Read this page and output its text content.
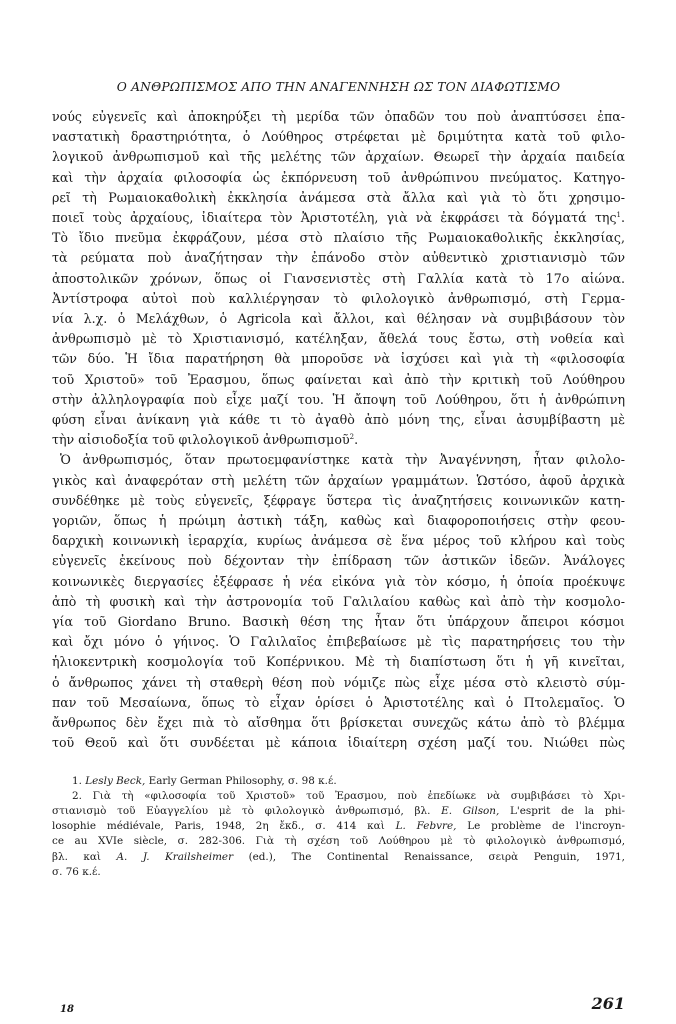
Ο ΑΝΘΡΩΠΙΣΜΟΣ ΑΠΟ ΤΗΝ ΑΝΑΓΕΝΝΗΣΗ ΩΣ ΤΟΝ ΔΙΑΦΩΤΙΣΜΟ

νούς εὐγενεῖς καὶ ἀποκηρύξει τὴ μερίδα τῶν ὀπαδῶν του ποὺ ἀναπτύσσει ἐπα-

ναστατικὴ δραστηριότητα, ὁ Λούθηρος στρέφεται μὲ δριμύτητα κατὰ τοῦ φιλο-

λογικοῦ ἀνθρωπισμοῦ καὶ τῆς μελέτης τῶν ἀρχαίων. Θεωρεῖ τὴν ἀρχαία παιδεία

καὶ τὴν ἀρχαία φιλοσοφία ὡς ἐκπόρνευση τοῦ ἀνθρώπινου πνεύματος. Κατηγο-

ρεῖ τὴ Ρωμαιοκαθολικὴ ἐκκλησία ἀνάμεσα στὰ ἄλλα καὶ γιὰ τὸ ὅτι χρησιμο-

ποιεῖ τοὺς ἀρχαίους, ἰδιαίτερα τὸν Ἀριστοτέλη, γιὰ νὰ ἐκφράσει τὰ δόγματά της$^1$.

Τὸ ἴδιο πνεῦμα ἐκφράζουν, μέσα στὸ πλαίσιο τῆς Ρωμαιοκαθολικῆς ἐκκλησίας,

τὰ ρεύματα ποὺ ἀναζήτησαν τὴν ἐπάνοδο στὸν αὐθεντικὸ χριστιανισμὸ τῶν

ἀποστολικῶν χρόνων, ὅπως οἱ Γιανσενιστὲς στὴ Γαλλία κατὰ τὸ 17ο αἰώνα.

Ἀντίστροφα αὐτοὶ ποὺ καλλιέργησαν τὸ φιλολογικὸ ἀνθρωπισμό, στὴ Γερμα-

νία λ.χ. ὁ Μελάχθων, ὁ Agricola καὶ ἄλλοι, καὶ θέλησαν νὰ συμβιβάσουν τὸν

ἀνθρωπισμὸ μὲ τὸ Χριστιανισμό, κατέληξαν, ἄθελά τους ἔστω, στὴ νοθεία καὶ

τῶν δύο. Ἡ ἴδια παρατήρηση θὰ μποροῦσε νὰ ἰσχύσει καὶ γιὰ τὴ «φιλοσοφία

τοῦ Χριστοῦ» τοῦ Ἐρασμου, ὅπως φαίνεται καὶ ἀπὸ τὴν κριτικὴ τοῦ Λούθηρου

στὴν ἀλληλογραφία ποὺ εἶχε μαζί του. Ἡ ἄποψη τοῦ Λούθηρου, ὅτι ἡ ἀνθρώπινη

φύση εἶναι ἀνίκανη γιὰ κάθε τι τὸ ἀγαθὸ ἀπὸ μόνη της, εἶναι ἀσυμβίβαστη μὲ

τὴν αἰσιοδοξία τοῦ φιλολογικοῦ ἀνθρωπισμοῦ$^2$.

Ὁ ἀνθρωπισμός, ὅταν πρωτοεμφανίστηκε κατὰ τὴν Ἀναγέννηση, ἦταν φιλολο-

γικὸς καὶ ἀναφερόταν στὴ μελέτη τῶν ἀρχαίων γραμμάτων. Ὡστόσο, ἀφοῦ ἀρχικὰ

συνδέθηκε μὲ τοὺς εὐγενεῖς, ξέφραγε ὕστερα τὶς ἀναζητήσεις κοινωνικῶν κατη-

γοριῶν, ὅπως ἡ πρώιμη ἀστικὴ τάξη, καθὼς καὶ διαφοροποιήσεις στὴν φεου-

δαρχικὴ κοινωνικὴ ἱεραρχία, κυρίως ἀνάμεσα σὲ ἕνα μέρος τοῦ κλήρου καὶ τοὺς

εὐγενεῖς ἐκείνους ποὺ δέχονταν τὴν ἐπίδραση τῶν ἀστικῶν ἰδεῶν. Ἀνάλογες

κοινωνικὲς διεργασίες ἐξέφρασε ἡ νέα εἰκόνα γιὰ τὸν κόσμο, ἡ ὁποία προέκυψε

ἀπὸ τὴ φυσικὴ καὶ τὴν ἀστρονομία τοῦ Γαλιλαίου καθὼς καὶ ἀπὸ τὴν κοσμολο-

γία τοῦ Giordano Bruno. Βασικὴ θέση της ἦταν ὅτι ὑπάρχουν ἄπειροι κόσμοι

καὶ ὄχι μόνο ὁ γήινος. Ὁ Γαλιλαῖος ἐπιβεβαίωσε μὲ τὶς παρατηρήσεις του τὴν

ἡλιοκεντρικὴ κοσμολογία τοῦ Κοπέρνικου. Μὲ τὴ διαπίστωση ὅτι ἡ γῆ κινεῖται,

ὁ ἄνθρωπος χάνει τὴ σταθερὴ θέση ποὺ νόμιζε πὼς εἶχε μέσα στὸ κλειστὸ σύμ-

παν τοῦ Μεσαίωνα, ὅπως τὸ εἶχαν ὁρίσει ὁ Ἀριστοτέλης καὶ ὁ Πτολεμαῖος. Ὁ

ἄνθρωπος δὲν ἔχει πιὰ τὸ αἴσθημα ὅτι βρίσκεται συνεχῶς κάτω ἀπὸ τὸ βλέμμα

τοῦ Θεοῦ καὶ ὅτι συνδέεται μὲ κάποια ἰδιαίτερη σχέση μαζί του. Νιώθει πὼς

1. Lesly Beck, Early German Philosophy, σ. 98 κ.έ.

2. Γιὰ τὴ «φιλοσοφία τοῦ Χριστοῦ» τοῦ Ἐρασμου, ποὺ ἐπεδίωκε νὰ συμβιβάσει τὸ Χρι-

στιανισμὸ τοῦ Εὐαγγελίου μὲ τὸ φιλολογικὸ ἀνθρωπισμό, βλ. E. Gilson, L'esprit de la phi-

losophie médiévale, Paris, 1948, 2η ἔκδ., σ. 414 καὶ L. Febvre, Le problème de l'incroyn-

ce au XVIe siècle, σ. 282-306. Γιὰ τὴ σχέση τοῦ Λούθηρου μὲ τὸ φιλολογικὸ ἀνθρωπισμό,

βλ. καὶ A. J. Krailsheimer (ed.), The Continental Renaissance, σειρὰ Penguin, 1971,

σ. 76 κ.έ.

18	261
